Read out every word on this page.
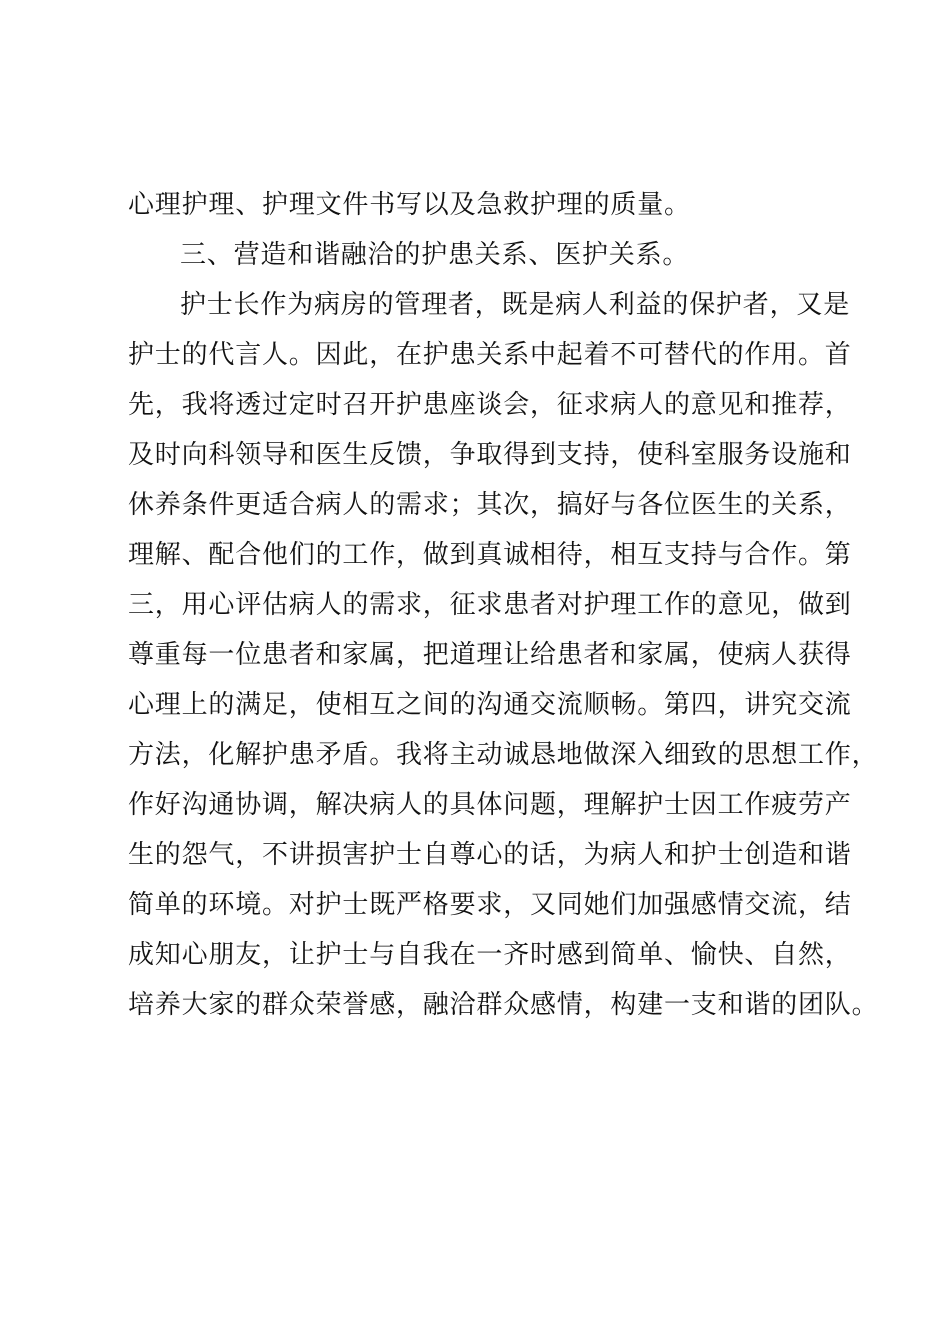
心理护理、护理文件书写以及急救护理的质量。
三、营造和谐融洽的护患关系、医护关系。
护士长作为病房的管理者，既是病人利益的保护者，又是
护士的代言人。因此，在护患关系中起着不可替代的作用。首
先，我将透过定时召开护患座谈会，征求病人的意见和推荐，
及时向科领导和医生反馈，争取得到支持，使科室服务设施和
休养条件更适合病人的需求；其次，搞好与各位医生的关系，
理解、配合他们的工作，做到真诚相待，相互支持与合作。第
三，用心评估病人的需求，征求患者对护理工作的意见，做到
尊重每一位患者和家属，把道理让给患者和家属，使病人获得
心理上的满足，使相互之间的沟通交流顺畅。第四，讲究交流
方法，化解护患矛盾。我将主动诚恳地做深入细致的思想工作，
作好沟通协调，解决病人的具体问题，理解护士因工作疲劳产
生的怨气，不讲损害护士自尊心的话，为病人和护士创造和谐
简单的环境。对护士既严格要求，又同她们加强感情交流，结
成知心朋友，让护士与自我在一齐时感到简单、愉快、自然，
培养大家的群众荣誉感，融洽群众感情，构建一支和谐的团队。
